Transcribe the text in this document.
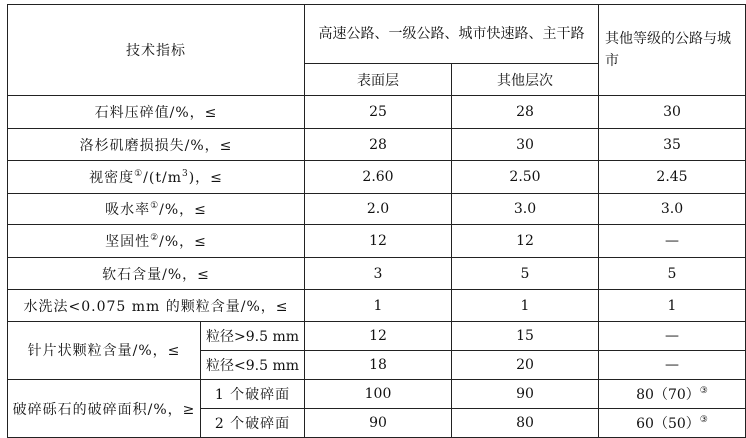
技术指标		高速公路、一级公路、城市快速路、主干路		其他等级的公路与城市
		表面层	其他层次	
石料压碎值/%，≤		25	28	30
洛杉矶磨损损失/%，≤		28	30	35
视密度$^①/(t/m^3)$，≤		2.60	2.50	2.45
吸水率①/%，≤		2.0	3.0	3.0
坚固性②/%，≤		12	12	—
软石含量/%，≤		3	5	5
水洗法<0.075 mm 的颗粒含量/%，≤		1	1	1
针片状颗粒含量/%，≤	粒径>9.5 mm	12	15	—
	粒径<9.5 mm	18	20	—
破碎砾石的破碎面积/%，≥	1 个破碎面	100	90	80（70）③
	2 个破碎面	90	80	60（50）③
